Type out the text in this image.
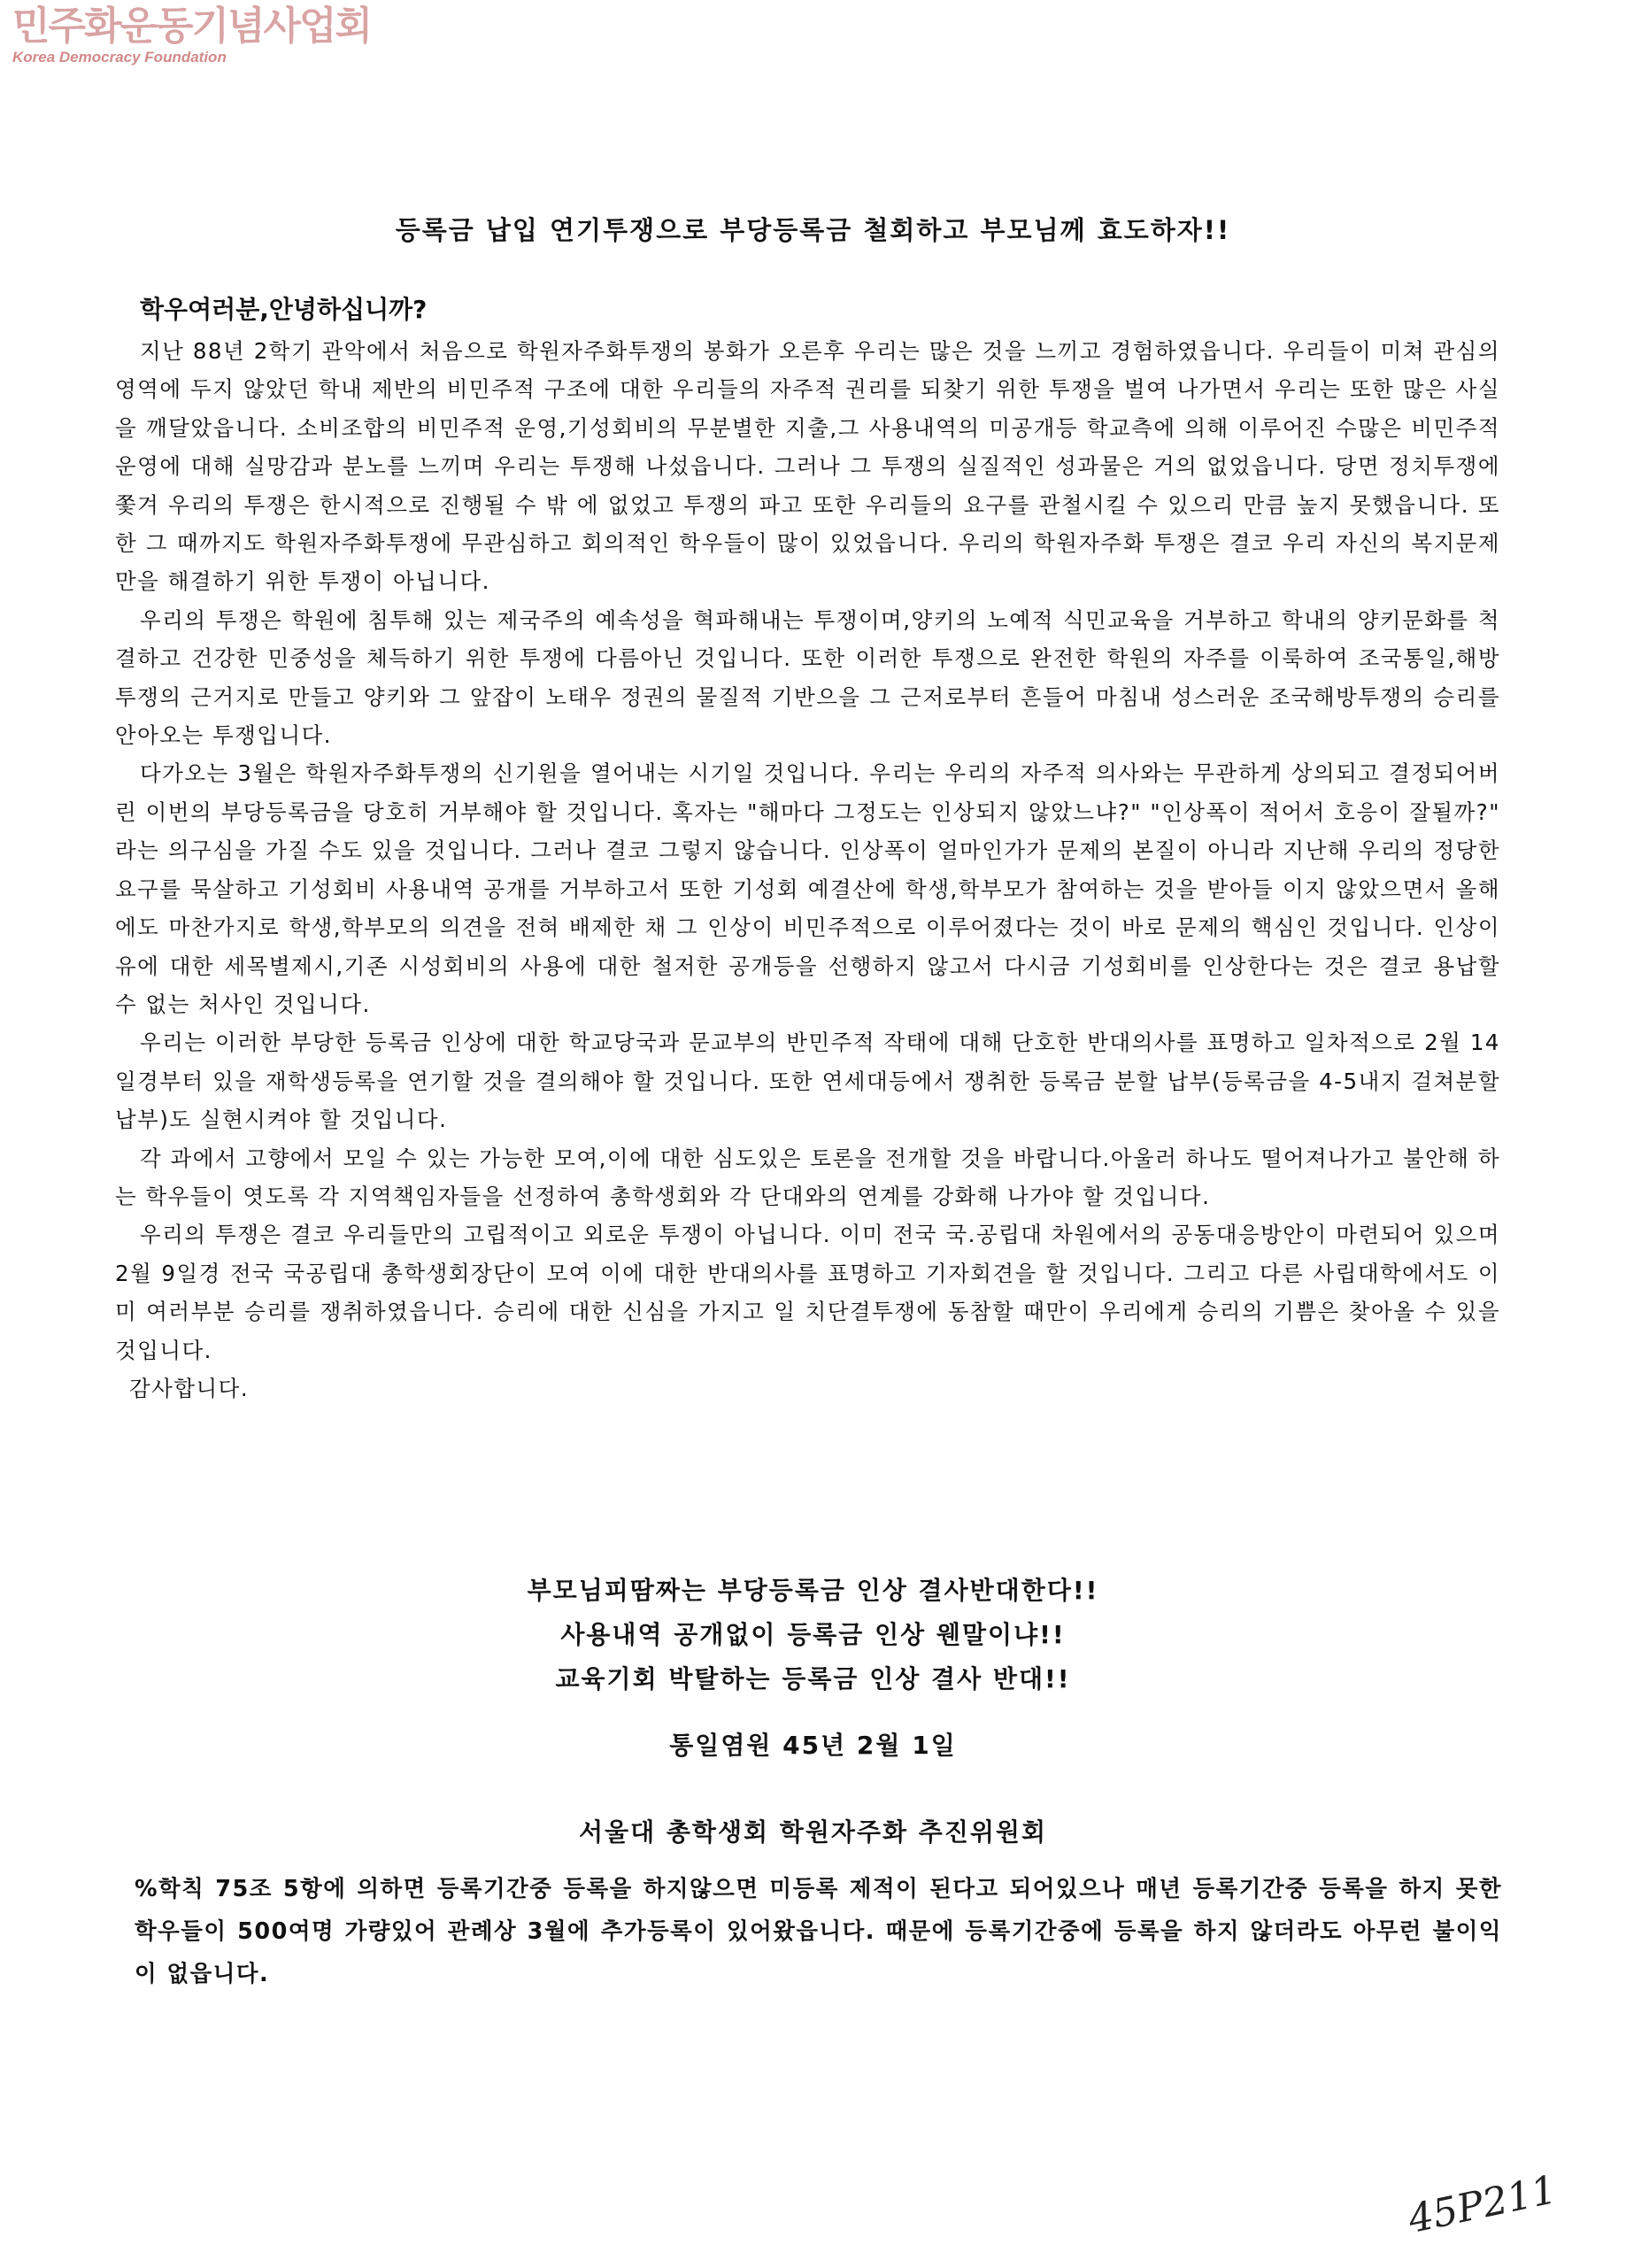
민주화운동기념사업회
Korea Democracy Foundation
등록금 납입 연기투쟁으로 부당등록금 철회하고 부모님께 효도하자!!
학우여러분,안녕하십니까?

지난 88년 2학기 관악에서 처음으로 학원자주화투쟁의 봉화가 오른후 우리는 많은 것을 느끼고 경험하였읍니다. 우리들이 미쳐 관심의 영역에 두지 않았던 학내 제반의 비민주적 구조에 대한 우리들의 자주적 권리를 되찾기 위한 투쟁을 벌여 나가면서 우리는 또한 많은 사실을 깨달았읍니다. 소비조합의 비민주적 운영,기성회비의 무분별한 지출,그 사용내역의 미공개등 학교측에 의해 이루어진 수많은 비민주적 운영에 대해 실망감과 분노를 느끼며 우리는 투쟁해 나섰읍니다. 그러나 그 투쟁의 실질적인 성과물은 거의 없었읍니다. 당면 정치투쟁에 쫓겨 우리의 투쟁은 한시적으로 진행될 수 밖 에 없었고 투쟁의 파고 또한 우리들의 요구를 관철시킬 수 있으리 만큼 높지 못했읍니다. 또한 그 때까지도 학원자주화투쟁에 무관심하고 회의적인 학우들이 많이 있었읍니다. 우리의 학원자주화 투쟁은 결코 우리 자신의 복지문제만을 해결하기 위한 투쟁이 아닙니다.

우리의 투쟁은 학원에 침투해 있는 제국주의 예속성을 혁파해내는 투쟁이며,양키의 노예적 식민교육을 거부하고 학내의 양키문화를 척결하고 건강한 민중성을 체득하기 위한 투쟁에 다름아닌 것입니다. 또한 이러한 투쟁으로 완전한 학원의 자주를 이룩하여 조국통일,해방투쟁의 근거지로 만들고 양키와 그 앞잡이 노태우 정권의 물질적 기반으을 그 근저로부터 흔들어 마침내 성스러운 조국해방투쟁의 승리를 안아오는 투쟁입니다.

다가오는 3월은 학원자주화투쟁의 신기원을 열어내는 시기일 것입니다. 우리는 우리의 자주적 의사와는 무관하게 상의되고 결정되어버린 이번의 부당등록금을 당호히 거부해야 할 것입니다. 혹자는 "해마다 그정도는 인상되지 않았느냐?" "인상폭이 적어서 호응이 잘될까?" 라는 의구심을 가질 수도 있을 것입니다. 그러나 결코 그렇지 않습니다. 인상폭이 얼마인가가 문제의 본질이 아니라 지난해 우리의 정당한 요구를 묵살하고 기성회비 사용내역 공개를 거부하고서 또한 기성회 예결산에 학생,학부모가 참여하는 것을 받아들 이지 않았으면서 올해에도 마찬가지로 학생,학부모의 의견을 전혀 배제한 채 그 인상이 비민주적으로 이루어졌다는 것이 바로 문제의 핵심인 것입니다. 인상이유에 대한 세목별제시,기존 시성회비의 사용에 대한 철저한 공개등을 선행하지 않고서 다시금 기성회비를 인상한다는 것은 결코 용납할 수 없는 처사인 것입니다.

우리는 이러한 부당한 등록금 인상에 대한 학교당국과 문교부의 반민주적 작태에 대해 단호한 반대의사를 표명하고 일차적으로 2월 14일경부터 있을 재학생등록을 연기할 것을 결의해야 할 것입니다. 또한 연세대등에서 쟁취한 등록금 분할 납부(등록금을 4-5내지 걸쳐분할납부)도 실현시켜야 할 것입니다.

각 과에서 고향에서 모일 수 있는 가능한 모여,이에 대한 심도있은 토론을 전개할 것을 바랍니다.아울러 하나도 떨어져나가고 불안해 하는 학우들이 엿도록 각 지역책임자들을 선정하여 총학생회와 각 단대와의 연계를 강화해 나가야 할 것입니다.

우리의 투쟁은 결코 우리들만의 고립적이고 외로운 투쟁이 아닙니다. 이미 전국 국.공립대 차원에서의 공동대응방안이 마련되어 있으며 2월 9일경 전국 국공립대 총학생회장단이 모여 이에 대한 반대의사를 표명하고 기자회견을 할 것입니다. 그리고 다른 사립대학에서도 이미 여러부분 승리를 쟁취하였읍니다. 승리에 대한 신심을 가지고 일 치단결투쟁에 동참할 때만이 우리에게 승리의 기쁨은 찾아올 수 있을 것입니다.

감사합니다.

부모님피땀짜는 부당등록금 인상 결사반대한다!!
사용내역 공개없이 등록금 인상 웬말이냐!!
교육기회 박탈하는 등록금 인상 결사 반대!!
통일염원 45년 2월 1일
서울대 총학생회 학원자주화 추진위원회
%학칙 75조 5항에 의하면 등록기간중 등록을 하지않으면 미등록 제적이 된다고 되어있으나 매년 등록기간중 등록을 하지 못한 학우들이 500여명 가량있어 관례상 3월에 추가등록이 있어왔읍니다. 때문에 등록기간중에 등록을 하지 않더라도 아무런 불이익이 없읍니다.
45P211
